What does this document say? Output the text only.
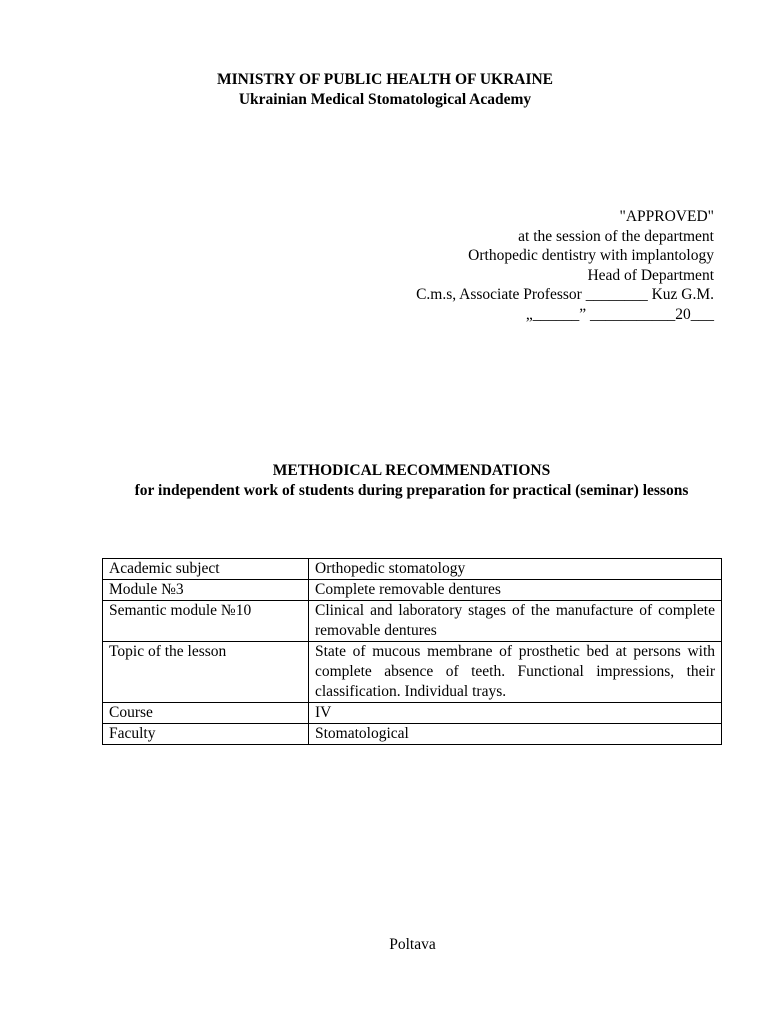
MINISTRY OF PUBLIC HEALTH OF UKRAINE
Ukrainian Medical Stomatological Academy
"APPROVED"
at the session of the department
Orthopedic dentistry with implantology
Head of Department
C.m.s, Associate Professor ________ Kuz G.M.
„______” ___________20___
METHODICAL RECOMMENDATIONS
for independent work of students during preparation for practical (seminar) lessons
Academic subject	Orthopedic stomatology
Module №3	Complete removable dentures
Semantic module №10	Clinical and laboratory stages of the manufacture of complete removable dentures
Topic of the lesson	State of mucous membrane of prosthetic bed at persons with complete absence of teeth. Functional impressions, their classification. Individual trays.
Course	IV
Faculty	Stomatological
Poltava
